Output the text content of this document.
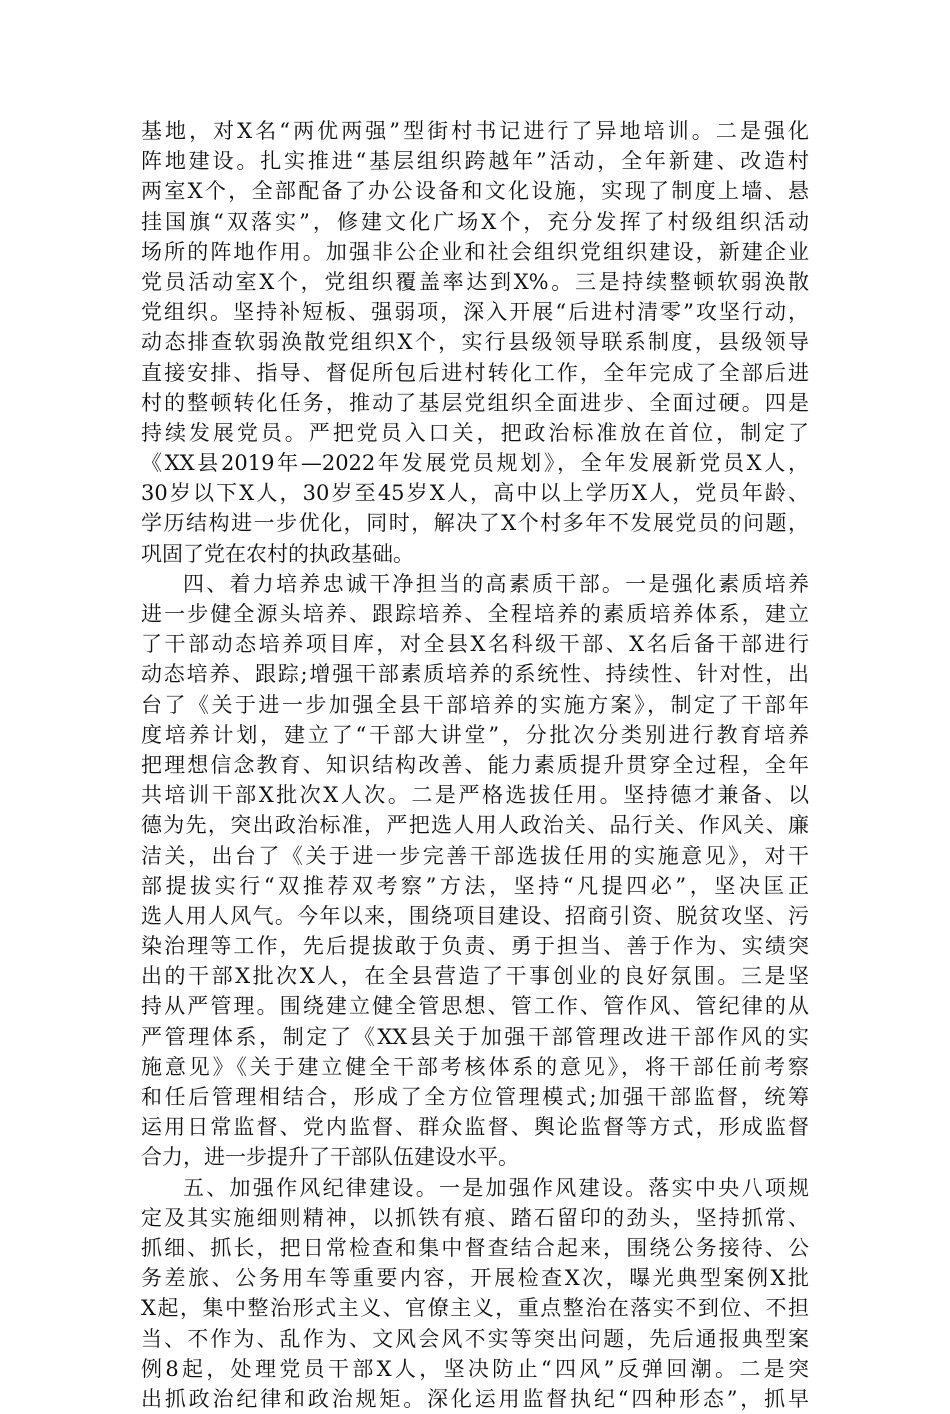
基地，对X名“两优两强”型街村书记进行了异地培训。二是强化
阵地建设。扎实推进“基层组织跨越年”活动，全年新建、改造村
两室X个，全部配备了办公设备和文化设施，实现了制度上墙、悬
挂国旗“双落实”，修建文化广场X个，充分发挥了村级组织活动
场所的阵地作用。加强非公企业和社会组织党组织建设，新建企业
党员活动室X个，党组织覆盖率达到X%。三是持续整顿软弱涣散
党组织。坚持补短板、强弱项，深入开展“后进村清零”攻坚行动，
动态排查软弱涣散党组织X个，实行县级领导联系制度，县级领导
直接安排、指导、督促所包后进村转化工作，全年完成了全部后进
村的整顿转化任务，推动了基层党组织全面进步、全面过硬。四是
持续发展党员。严把党员入口关，把政治标准放在首位，制定了
《XX县2019年—2022年发展党员规划》，全年发展新党员X人，
30岁以下X人，30岁至45岁X人，高中以上学历X人，党员年龄、
学历结构进一步优化，同时，解决了X个村多年不发展党员的问题，
巩固了党在农村的执政基础。
四、着力培养忠诚干净担当的高素质干部。一是强化素质培养
进一步健全源头培养、跟踪培养、全程培养的素质培养体系，建立
了干部动态培养项目库，对全县X名科级干部、X名后备干部进行
动态培养、跟踪;增强干部素质培养的系统性、持续性、针对性，出
台了《关于进一步加强全县干部培养的实施方案》，制定了干部年
度培养计划，建立了“干部大讲堂”，分批次分类别进行教育培养
把理想信念教育、知识结构改善、能力素质提升贯穿全过程，全年
共培训干部X批次X人次。二是严格选拔任用。坚持德才兼备、以
德为先，突出政治标准，严把选人用人政治关、品行关、作风关、廉
洁关，出台了《关于进一步完善干部选拔任用的实施意见》，对干
部提拔实行“双推荐双考察”方法，坚持“凡提四必”，坚决匡正
选人用人风气。今年以来，围绕项目建设、招商引资、脱贫攻坚、污
染治理等工作，先后提拔敢于负责、勇于担当、善于作为、实绩突
出的干部X批次X人，在全县营造了干事创业的良好氛围。三是坚
持从严管理。围绕建立健全管思想、管工作、管作风、管纪律的从
严管理体系，制定了《XX县关于加强干部管理改进干部作风的实
施意见》《关于建立健全干部考核体系的意见》，将干部任前考察
和任后管理相结合，形成了全方位管理模式;加强干部监督，统筹
运用日常监督、党内监督、群众监督、舆论监督等方式，形成监督
合力，进一步提升了干部队伍建设水平。
五、加强作风纪律建设。一是加强作风建设。落实中央八项规
定及其实施细则精神，以抓铁有痕、踏石留印的劲头，坚持抓常、
抓细、抓长，把日常检查和集中督查结合起来，围绕公务接待、公
务差旅、公务用车等重要内容，开展检查X次，曝光典型案例X批
X起，集中整治形式主义、官僚主义，重点整治在落实不到位、不担
当、不作为、乱作为、文风会风不实等突出问题，先后通报典型案
例8起，处理党员干部X人，坚决防止“四风”反弹回潮。二是突
出抓政治纪律和政治规矩。深化运用监督执纪“四种形态”，抓早
